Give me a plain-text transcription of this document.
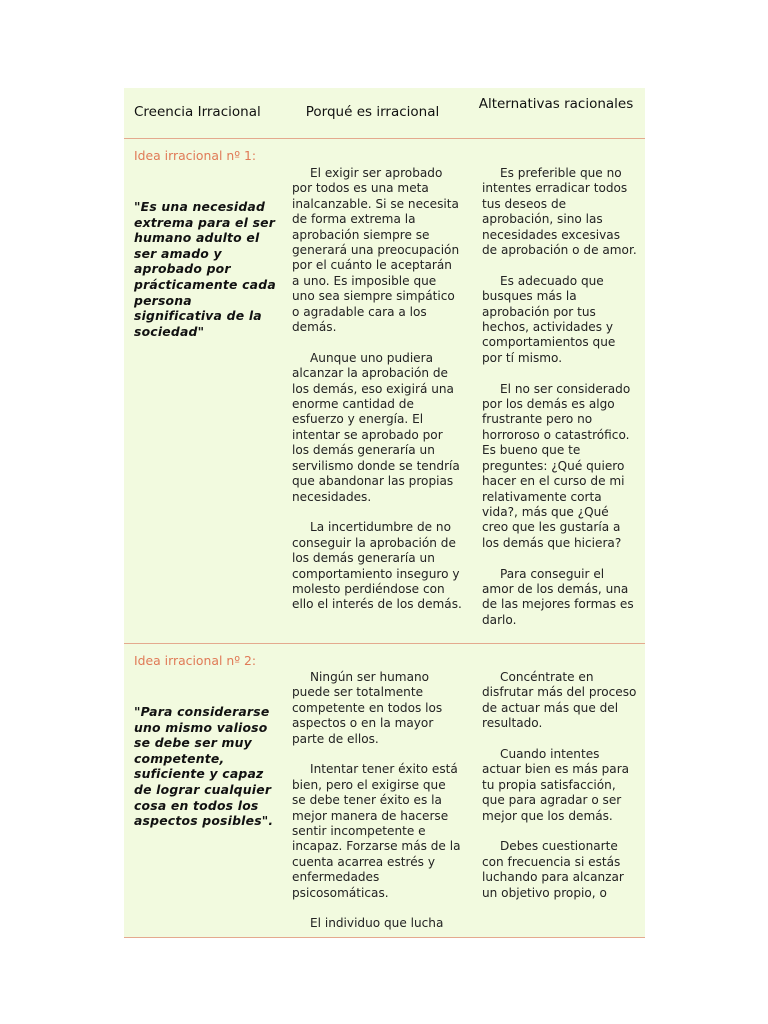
Creencia Irracional	Porqué es irracional	Alternativas racionales
Idea irracional nº 1:
"Es una necesidad extrema para el ser humano adulto el ser amado y aprobado por prácticamente cada persona significativa de la sociedad"

El exigir ser aprobado por todos es una meta inalcanzable. Si se necesita de forma extrema la aprobación siempre se generará una preocupación por el cuánto le aceptarán a uno. Es imposible que uno sea siempre simpático o agradable cara a los demás.

Aunque uno pudiera alcanzar la aprobación de los demás, eso exigirá una enorme cantidad de esfuerzo y energía. El intentar se aprobado por los demás generaría un servilismo donde se tendría que abandonar las propias necesidades.

La incertidumbre de no conseguir la aprobación de los demás generaría un comportamiento inseguro y molesto perdiéndose con ello el interés de los demás.

Es preferible que no intentes erradicar todos tus deseos de aprobación, sino las necesidades excesivas de aprobación o de amor.

Es adecuado que busques más la aprobación por tus hechos, actividades y comportamientos que por tí mismo.

El no ser considerado por los demás es algo frustrante pero no horroroso o catastrófico. Es bueno que te preguntes: ¿Qué quiero hacer en el curso de mi relativamente corta vida?, más que ¿Qué creo que les gustaría a los demás que hiciera?

Para conseguir el amor de los demás, una de las mejores formas es darlo.

Idea irracional nº 2:
"Para considerarse uno mismo valioso se debe ser muy competente, suficiente y capaz de lograr cualquier cosa en todos los aspectos posibles".

Ningún ser humano puede ser totalmente competente en todos los aspectos o en la mayor parte de ellos.

Intentar tener éxito está bien, pero el exigirse que se debe tener éxito es la mejor manera de hacerse sentir incompetente e incapaz. Forzarse más de la cuenta acarrea estrés y enfermedades psicosomáticas.

El individuo que lucha

Concéntrate en disfrutar más del proceso de actuar más que del resultado.

Cuando intentes actuar bien es más para tu propia satisfacción, que para agradar o ser mejor que los demás.

Debes cuestionarte con frecuencia si estás luchando para alcanzar un objetivo propio, o
